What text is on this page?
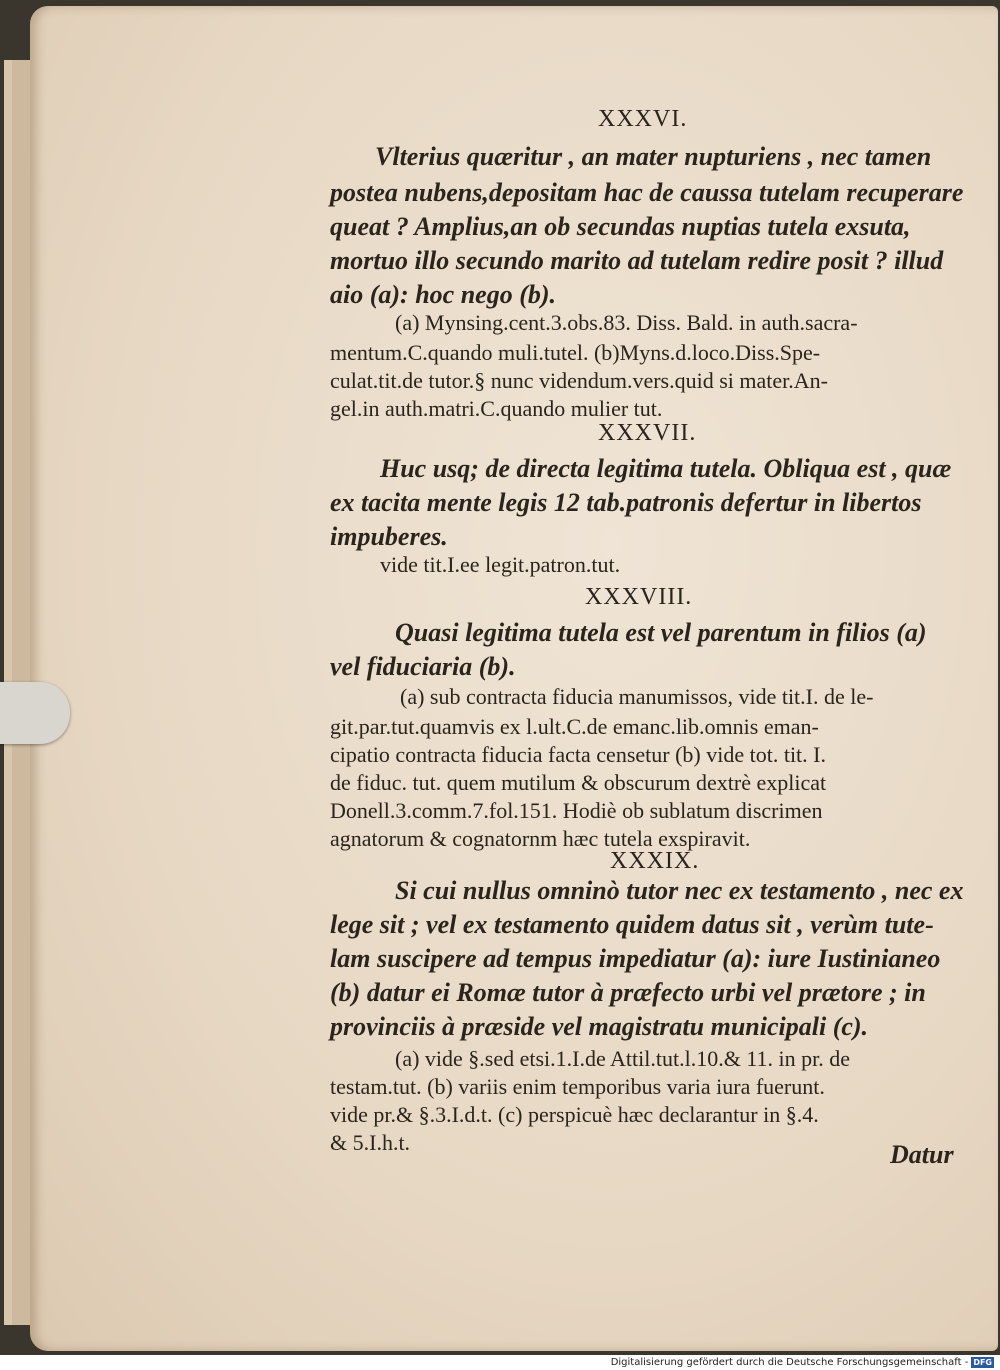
XXXVI.
Vlterius quæritur , an mater nupturiens , nec tamen
postea nubens,depositam hac de caussa tutelam recuperare
queat ? Amplius,an ob secundas nuptias tutela exsuta,
mortuo illo secundo marito ad tutelam redire posit ? illud
aio (a): hoc nego (b).
(a) Mynsing.cent.3.obs.83. Diss. Bald. in auth.sacra-
mentum.C.quando muli.tutel. (b)Myns.d.loco.Diss.Spe-
culat.tit.de tutor.§ nunc videndum.vers.quid si mater.An-
gel.in auth.matri.C.quando mulier tut.
XXXVII.
Huc usq; de directa legitima tutela. Obliqua est , quæ
ex tacita mente legis 12 tab.patronis defertur in libertos
impuberes.
vide tit.I.ee legit.patron.tut.
XXXVIII.
Quasi legitima tutela est vel parentum in filios (a)
vel fiduciaria (b).
(a) sub contracta fiducia manumissos, vide tit.I. de le-
git.par.tut.quamvis ex l.ult.C.de emanc.lib.omnis eman-
cipatio contracta fiducia facta censetur (b) vide tot. tit. I.
de fiduc. tut. quem mutilum & obscurum dextrè explicat
Donell.3.comm.7.fol.151. Hodiè ob sublatum discrimen
agnatorum & cognatornm hæc tutela exspiravit.
XXXIX.
Si cui nullus omninò tutor nec ex testamento , nec ex
lege sit ; vel ex testamento quidem datus sit , verùm tute-
lam suscipere ad tempus impediatur (a): iure Iustinianeo
(b) datur ei Romæ tutor à præfecto urbi vel prætore ; in
provinciis à præside vel magistratu municipali (c).
(a) vide §.sed etsi.1.I.de Attil.tut.l.10.& 11. in pr. de
testam.tut. (b) variis enim temporibus varia iura fuerunt.
vide pr.& §.3.I.d.t. (c) perspicuè hæc declarantur in §.4.
& 5.I.h.t.	Datur
Digitalisierung gefördert durch die Deutsche Forschungsgemeinschaft - DFG
